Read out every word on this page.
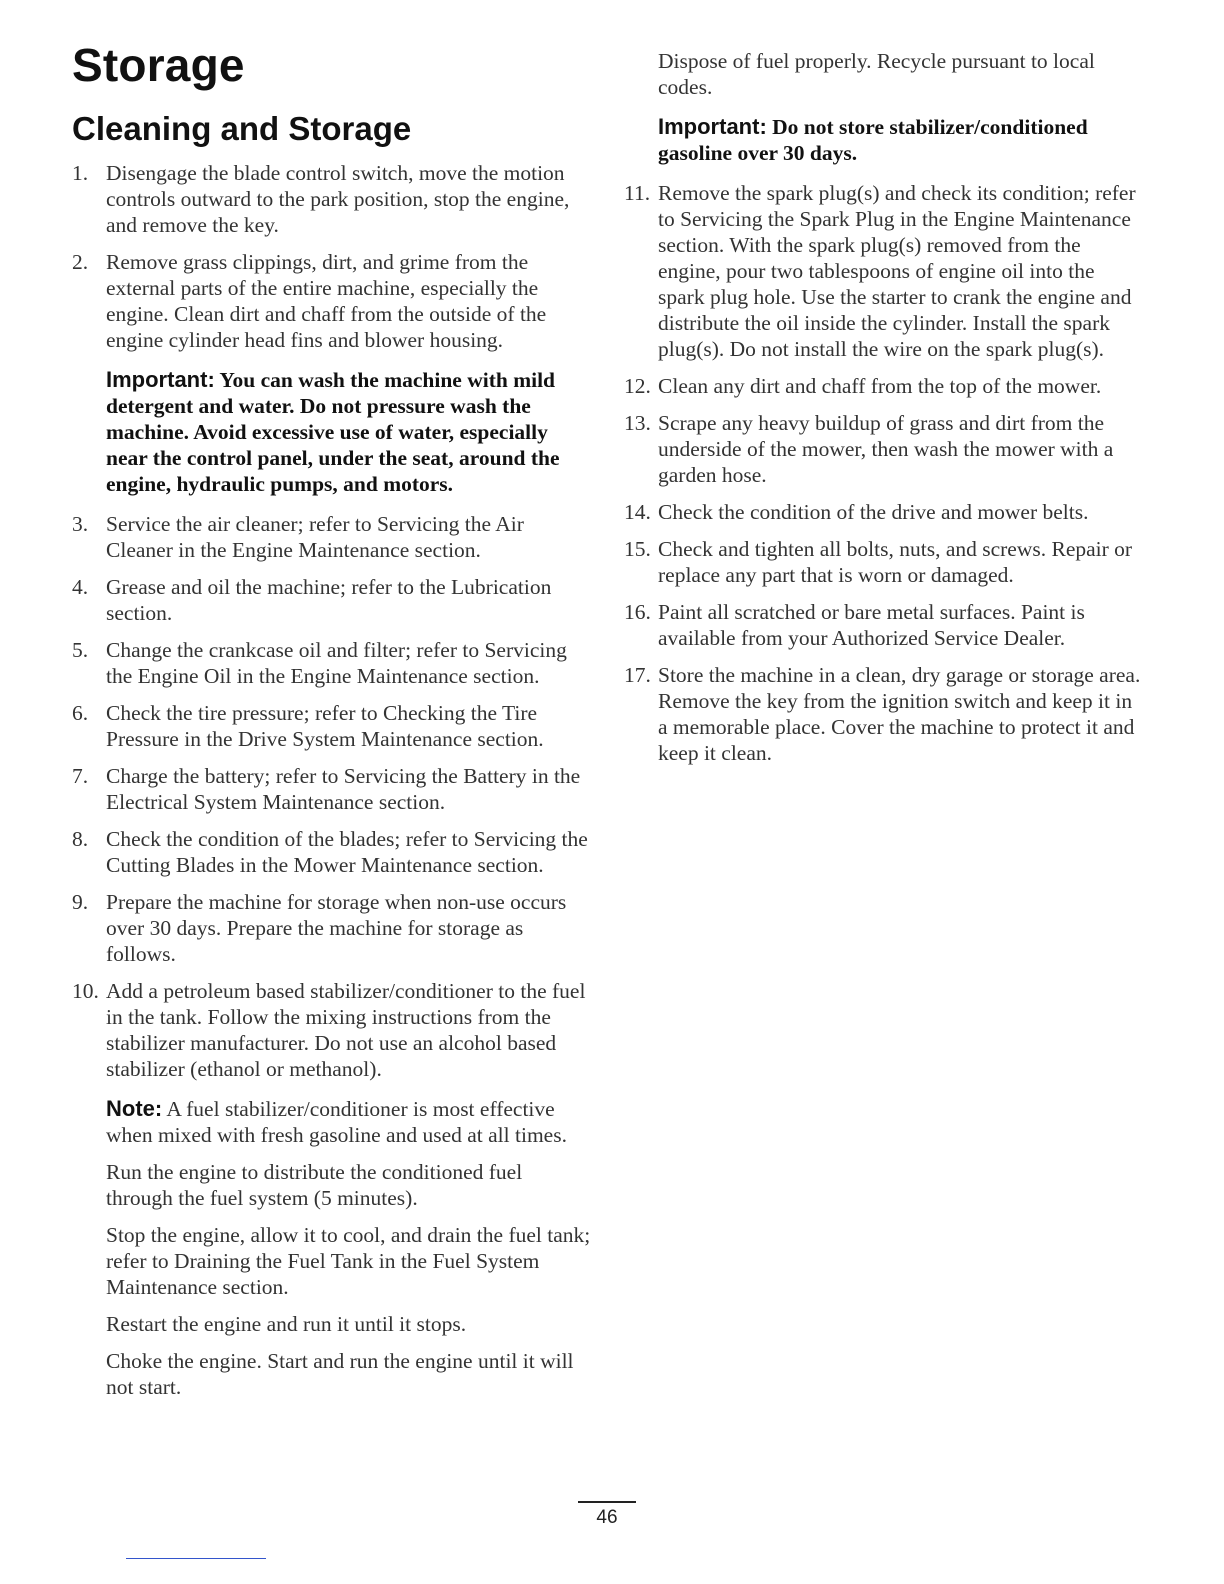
Storage
Cleaning and Storage
1. Disengage the blade control switch, move the motion controls outward to the park position, stop the engine, and remove the key.
2. Remove grass clippings, dirt, and grime from the external parts of the entire machine, especially the engine. Clean dirt and chaff from the outside of the engine cylinder head fins and blower housing.
Important: You can wash the machine with mild detergent and water. Do not pressure wash the machine. Avoid excessive use of water, especially near the control panel, under the seat, around the engine, hydraulic pumps, and motors.
3. Service the air cleaner; refer to Servicing the Air Cleaner in the Engine Maintenance section.
4. Grease and oil the machine; refer to the Lubrication section.
5. Change the crankcase oil and filter; refer to Servicing the Engine Oil in the Engine Maintenance section.
6. Check the tire pressure; refer to Checking the Tire Pressure in the Drive System Maintenance section.
7. Charge the battery; refer to Servicing the Battery in the Electrical System Maintenance section.
8. Check the condition of the blades; refer to Servicing the Cutting Blades in the Mower Maintenance section.
9. Prepare the machine for storage when non-use occurs over 30 days. Prepare the machine for storage as follows.
10. Add a petroleum based stabilizer/conditioner to the fuel in the tank. Follow the mixing instructions from the stabilizer manufacturer. Do not use an alcohol based stabilizer (ethanol or methanol).
Note: A fuel stabilizer/conditioner is most effective when mixed with fresh gasoline and used at all times.
Run the engine to distribute the conditioned fuel through the fuel system (5 minutes).
Stop the engine, allow it to cool, and drain the fuel tank; refer to Draining the Fuel Tank in the Fuel System Maintenance section.
Restart the engine and run it until it stops.
Choke the engine. Start and run the engine until it will not start.
Dispose of fuel properly. Recycle pursuant to local codes.
Important: Do not store stabilizer/conditioned gasoline over 30 days.
11. Remove the spark plug(s) and check its condition; refer to Servicing the Spark Plug in the Engine Maintenance section. With the spark plug(s) removed from the engine, pour two tablespoons of engine oil into the spark plug hole. Use the starter to crank the engine and distribute the oil inside the cylinder. Install the spark plug(s). Do not install the wire on the spark plug(s).
12. Clean any dirt and chaff from the top of the mower.
13. Scrape any heavy buildup of grass and dirt from the underside of the mower, then wash the mower with a garden hose.
14. Check the condition of the drive and mower belts.
15. Check and tighten all bolts, nuts, and screws. Repair or replace any part that is worn or damaged.
16. Paint all scratched or bare metal surfaces. Paint is available from your Authorized Service Dealer.
17. Store the machine in a clean, dry garage or storage area. Remove the key from the ignition switch and keep it in a memorable place. Cover the machine to protect it and keep it clean.
46
